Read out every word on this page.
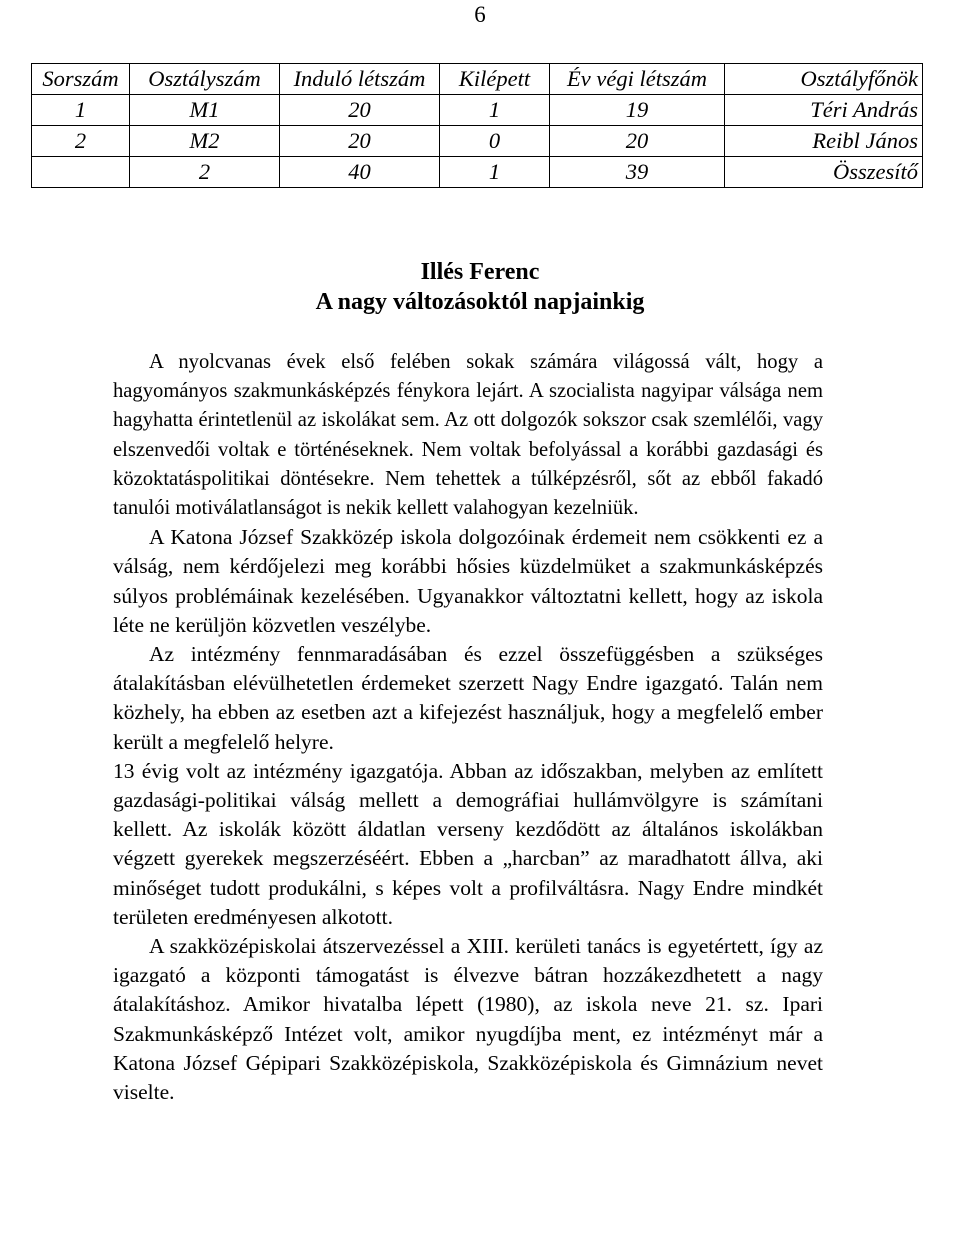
6
Sorszám	Osztályszám	Induló létszám	Kilépett	Év végi létszám	Osztályfőnök
1	M1	20	1	19	Téri András
2	M2	20	0	20	Reibl János
	2	40	1	39	Összesítő
Illés Ferenc
A nagy változásoktól napjainkig

A nyolcvanas évek első felében sokak számára világossá vált, hogy a hagyományos szakmunkásképzés fénykora lejárt. A szocialista nagyipar válsága nem hagyhatta érintetlenül az iskolákat sem. Az ott dolgozók sokszor csak szemlélői, vagy elszenvedői voltak e történéseknek. Nem voltak befolyással a korábbi gazdasági és közoktatáspolitikai döntésekre. Nem tehettek a túlképzésről, sőt az ebből fakadó tanulói motiválatlanságot is nekik kellett valahogyan kezelniük.

A Katona József Szakközép iskola dolgozóinak érdemeit nem csökkenti ez a válság, nem kérdőjelezi meg korábbi hősies küzdelmüket a szakmunkásképzés súlyos problémáinak kezelésében. Ugyanakkor változtatni kellett, hogy az iskola léte ne kerüljön közvetlen veszélybe.

Az intézmény fennmaradásában és ezzel összefüggésben a szükséges átalakításban elévülhetetlen érdemeket szerzett Nagy Endre igazgató. Talán nem közhely, ha ebben az esetben azt a kifejezést használjuk, hogy a megfelelő ember került a megfelelő helyre.

13 évig volt az intézmény igazgatója. Abban az időszakban, melyben az említett gazdasági-politikai válság mellett a demográfiai hullámvölgyre is számítani kellett. Az iskolák között áldatlan verseny kezdődött az általános iskolákban végzett gyerekek megszerzéséért. Ebben a „harcban” az maradhatott állva, aki minőséget tudott produkálni, s képes volt a profilváltásra. Nagy Endre mindkét területen eredményesen alkotott.

A szakközépiskolai átszervezéssel a XIII. kerületi tanács is egyetértett, így az igazgató a központi támogatást is élvezve bátran hozzákezdhetett a nagy átalakításhoz. Amikor hivatalba lépett (1980), az iskola neve 21. sz. Ipari Szakmunkásképző Intézet volt, amikor nyugdíjba ment, ez intézményt már a Katona József Gépipari Szakközépiskola, Szakközépiskola és Gimnázium nevet viselte.
